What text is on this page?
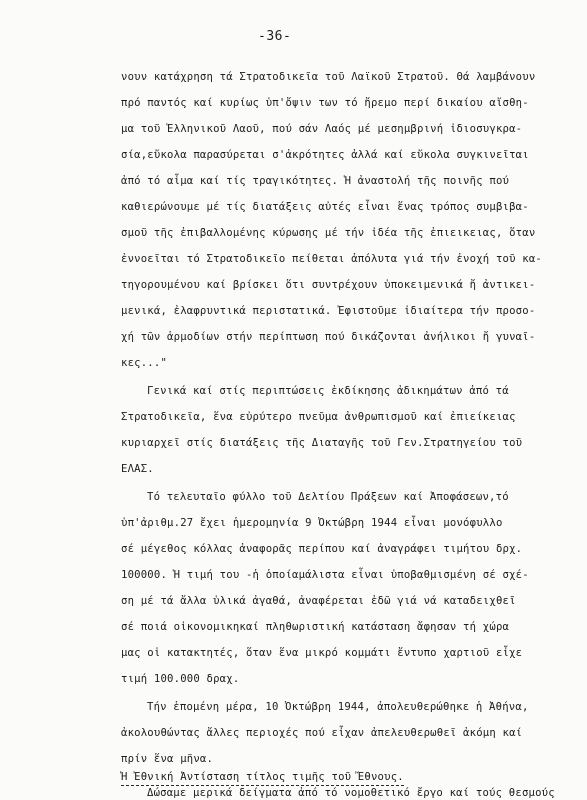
-36-
νουν κατάχρηση τά Στρατοδικεῖα τοῦ Λαϊκοῦ Στρατοῦ. Θά λαμβάνουν
πρό παντός καί κυρίως ὑπ'ὄψιν των τό ἤρεμο περί δικαίου αἴσθη-
μα τοῦ Ἑλληνικοῦ Λαοῦ, πού σάν Λαός μέ μεσημβρινή ἰδιοσυγκρα-
σία,εὔκολα παρασύρεται σ'ἀκρότητες ἀλλά καί εὔκολα συγκινεῖται
ἀπό τό αἷμα καί τίς τραγικότητες. Ἡ ἀναστολή τῆς ποινῆς πού
καθιερώνουμε μέ τίς διατάξεις αὐτές εἶναι ἕνας τρόπος συμβιβα-
σμοῦ τῆς ἐπιβαλλομένης κύρωσης μέ τήν ἰδέα τῆς ἐπιεικειας, ὅταν
ἐννοεῖται τό Στρατοδικεῖο πείθεται ἀπόλυτα γιά τήν ἐνοχή τοῦ κα-
τηγορουμένου καί βρίσκει ὅτι συντρέχουν ὑποκειμενικά ἤ ἀντικει-
μενικά, ἐλαφρυντικά περιστατικά. Ἐφιστοῦμε ἰδιαίτερα τήν προσο-
χή τῶν ἁρμοδίων στήν περίπτωση πού δικάζονται ἀνήλικοι ἤ γυναῖ-
κες..."
Γενικά καί στίς περιπτώσεις ἐκδίκησης ἀδικημάτων ἀπό τά
Στρατοδικεῖα, ἕνα εὐρύτερο πνεῦμα ἀνθρωπισμοῦ καί ἐπιείκειας
κυριαρχεῖ στίς διατάξεις τῆς Διαταγῆς τοῦ Γεν.Στρατηγείου τοῦ
ΕΛΑΣ.
Τό τελευταῖο φύλλο τοῦ Δελτίου Πράξεων καί Ἀποφάσεων,τό
ὑπ'ἀριθμ.27 ἔχει ἡμερομηνία 9 Ὀκτώβρη 1944 εἶναι μονόφυλλο
σέ μέγεθος κόλλας ἀναφορᾶς περίπου καί ἀναγράφει τιμήτου δρχ.
100000. Ἡ τιμή του -ἡ ὁποίαμάλιστα εἶναι ὑποβαθμισμένη σέ σχέ-
ση μέ τά ἄλλα ὑλικά ἀγαθά, ἀναφέρεται ἐδῶ γιά νά καταδειχθεῖ
σέ ποιά οἰκονομικηκαί πληθωριστική κατάσταση ἄφησαν τή χώρα
μας οἱ κατακτητές, ὅταν ἕνα μικρό κομμάτι ἔντυπο χαρτιοῦ εἶχε
τιμή 100.000 δραχ.
Τήν ἑπομένη μέρα, 10 Ὀκτώβρη 1944, ἀπολευθερώθηκε ἡ Ἀθήνα,
ἀκολουθώντας ἄλλες περιοχές πού εἶχαν ἀπελευθερωθεῖ ἀκόμη καί
πρίν ἕνα μῆνα.
Ἡ Ἐθνική Ἀντίσταση τίτλος τιμῆς τοῦ Ἔθνους.
Δώσαμε μερικά δείγματα ἀπό τό νομοθετικό ἔργο καί τούς θεσμούς
